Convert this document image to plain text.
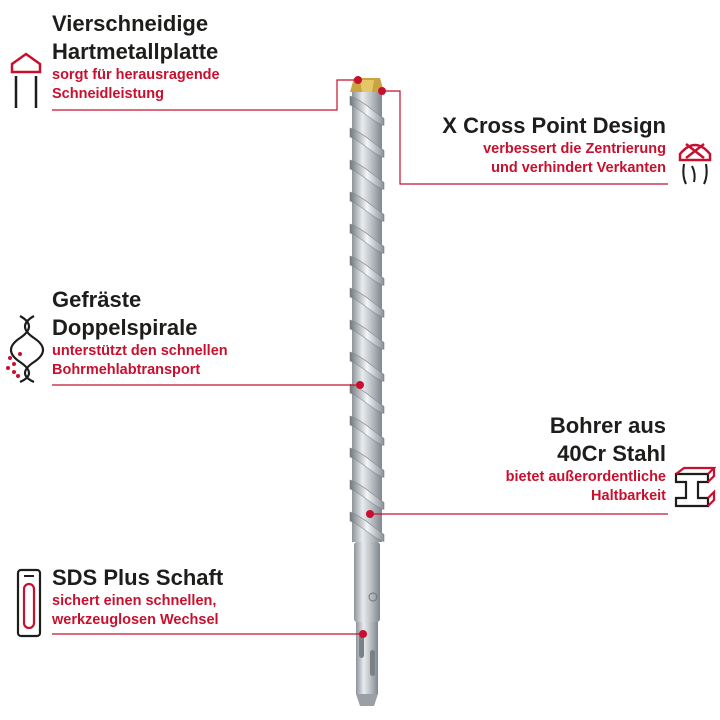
Vierschneidige
Hartmetallplatte
sorgt für herausragende
Schneidleistung
X Cross Point Design
verbessert die Zentrierung
und verhindert Verkanten
Gefräste
Doppelspirale
unterstützt den schnellen
Bohrmehlabtransport
Bohrer aus
40Cr Stahl
bietet außerordentliche
Haltbarkeit
SDS Plus Schaft
sichert einen schnellen,
werkzeuglosen Wechsel
